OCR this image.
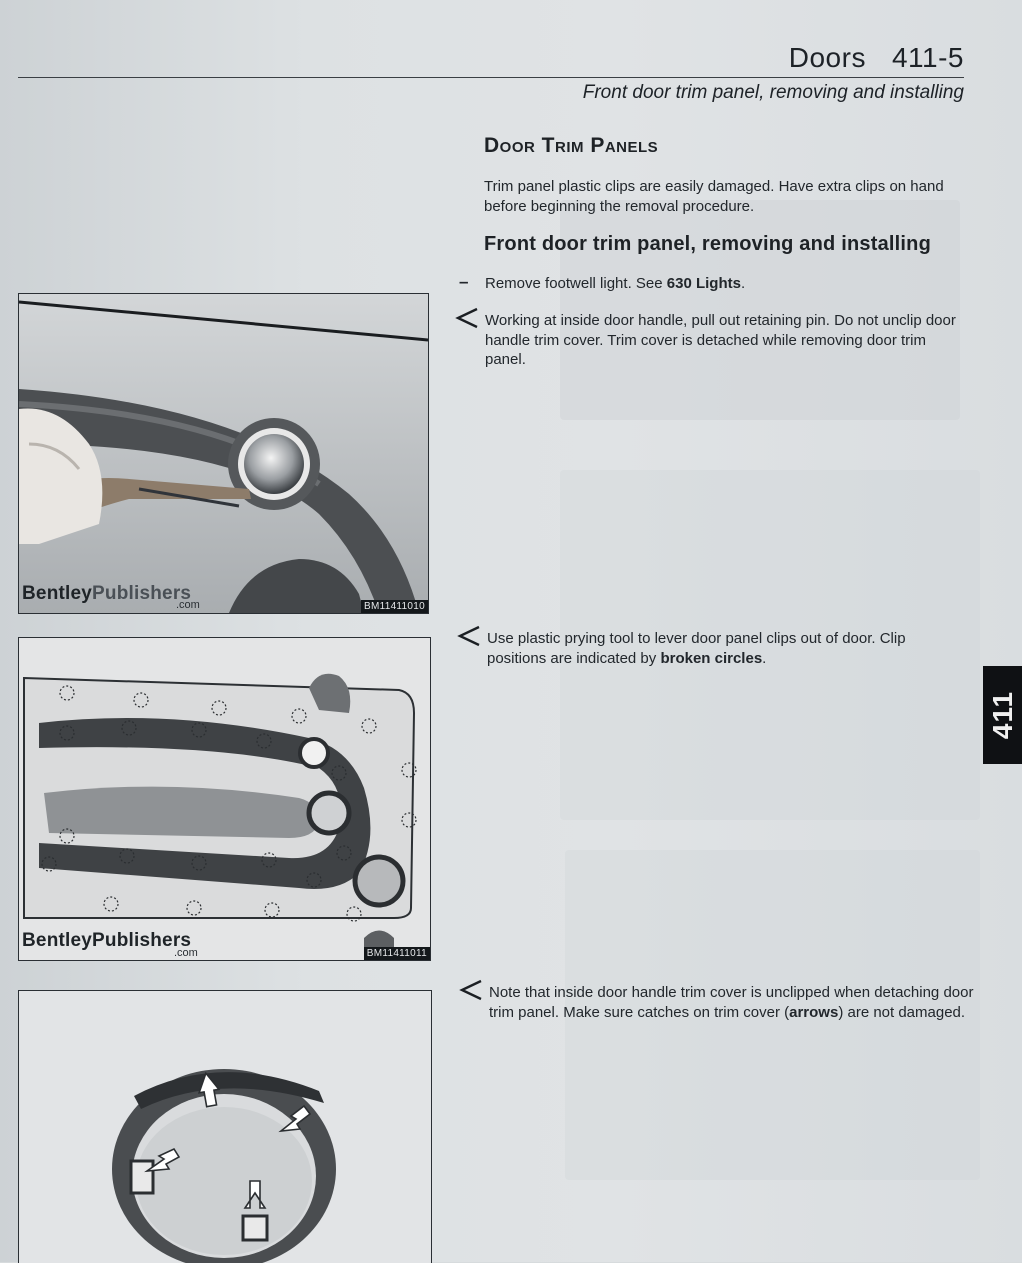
Doors 411-5
Front door trim panel, removing and installing
Door Trim Panels
Trim panel plastic clips are easily damaged. Have extra clips on hand before beginning the removal procedure.
Front door trim panel, removing and installing
– Remove footwell light. See 630 Lights.
Working at inside door handle, pull out retaining pin. Do not unclip door handle trim cover. Trim cover is detached while removing door trim panel.
Use plastic prying tool to lever door panel clips out of door. Clip positions are indicated by broken circles.
Note that inside door handle trim cover is unclipped when detaching door trim panel. Make sure catches on trim cover (arrows) are not damaged.
BentleyPublishers
.com	BM11411010
BentleyPublishers
.com	BM11411011
411
